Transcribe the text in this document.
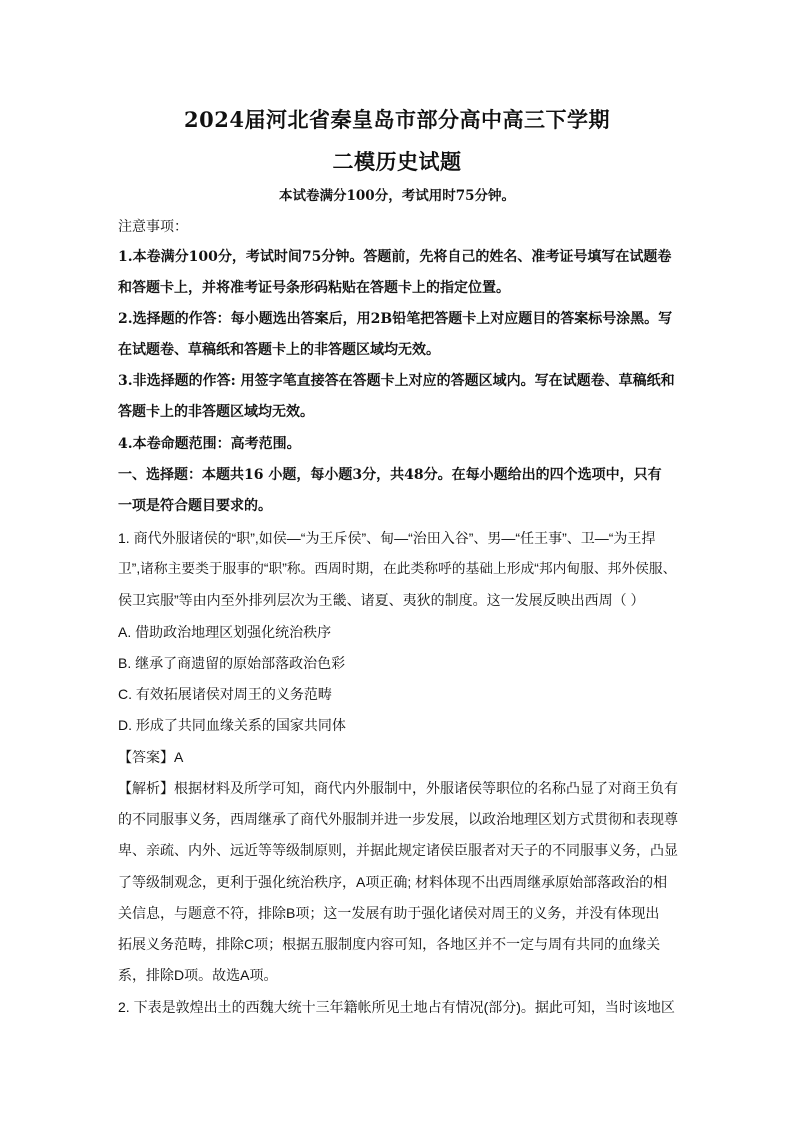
2024届河北省秦皇岛市部分高中高三下学期
二模历史试题
本试卷满分100分，考试用时75分钟。
注意事项：
1.本卷满分100分，考试时间75分钟。答题前，先将自己的姓名、准考证号填写在试题卷
和答题卡上，并将准考证号条形码粘贴在答题卡上的指定位置。
2.选择题的作答：每小题选出答案后，用2B铅笔把答题卡上对应题目的答案标号涂黑。写
在试题卷、草稿纸和答题卡上的非答题区域均无效。
3.非选择题的作答: 用签字笔直接答在答题卡上对应的答题区域内。写在试题卷、草稿纸和
答题卡上的非答题区域均无效。
4.本卷命题范围：高考范围。
一、选择题：本题共16 小题，每小题3分，共48分。在每小题给出的四个选项中，只有
一项是符合题目要求的。
1. 商代外服诸侯的“职”,如侯—“为王斥侯”、甸—“治田入谷”、男—“任王事”、卫—“为王捍
卫”,诸称主要类于服事的“职”称。西周时期，在此类称呼的基础上形成“邦内甸服、邦外侯服、
侯卫宾服”等由内至外排列层次为王畿、诸夏、夷狄的制度。这一发展反映出西周（ ）
A. 借助政治地理区划强化统治秩序
B. 继承了商遗留的原始部落政治色彩
C. 有效拓展诸侯对周王的义务范畴
D. 形成了共同血缘关系的国家共同体
【答案】A
【解析】根据材料及所学可知，商代内外服制中，外服诸侯等职位的名称凸显了对商王负有
的不同服事义务，西周继承了商代外服制并进一步发展，以政治地理区划方式贯彻和表现尊
卑、亲疏、内外、远近等等级制原则，并据此规定诸侯臣服者对天子的不同服事义务，凸显
了等级制观念，更利于强化统治秩序，A项正确; 材料体现不出西周继承原始部落政治的相
关信息，与题意不符，排除B项；这一发展有助于强化诸侯对周王的义务，并没有体现出
拓展义务范畴，排除C项；根据五服制度内容可知，各地区并不一定与周有共同的血缘关
系，排除D项。故选A项。
2. 下表是敦煌出土的西魏大统十三年籍帐所见土地占有情况(部分)。据此可知，当时该地区
